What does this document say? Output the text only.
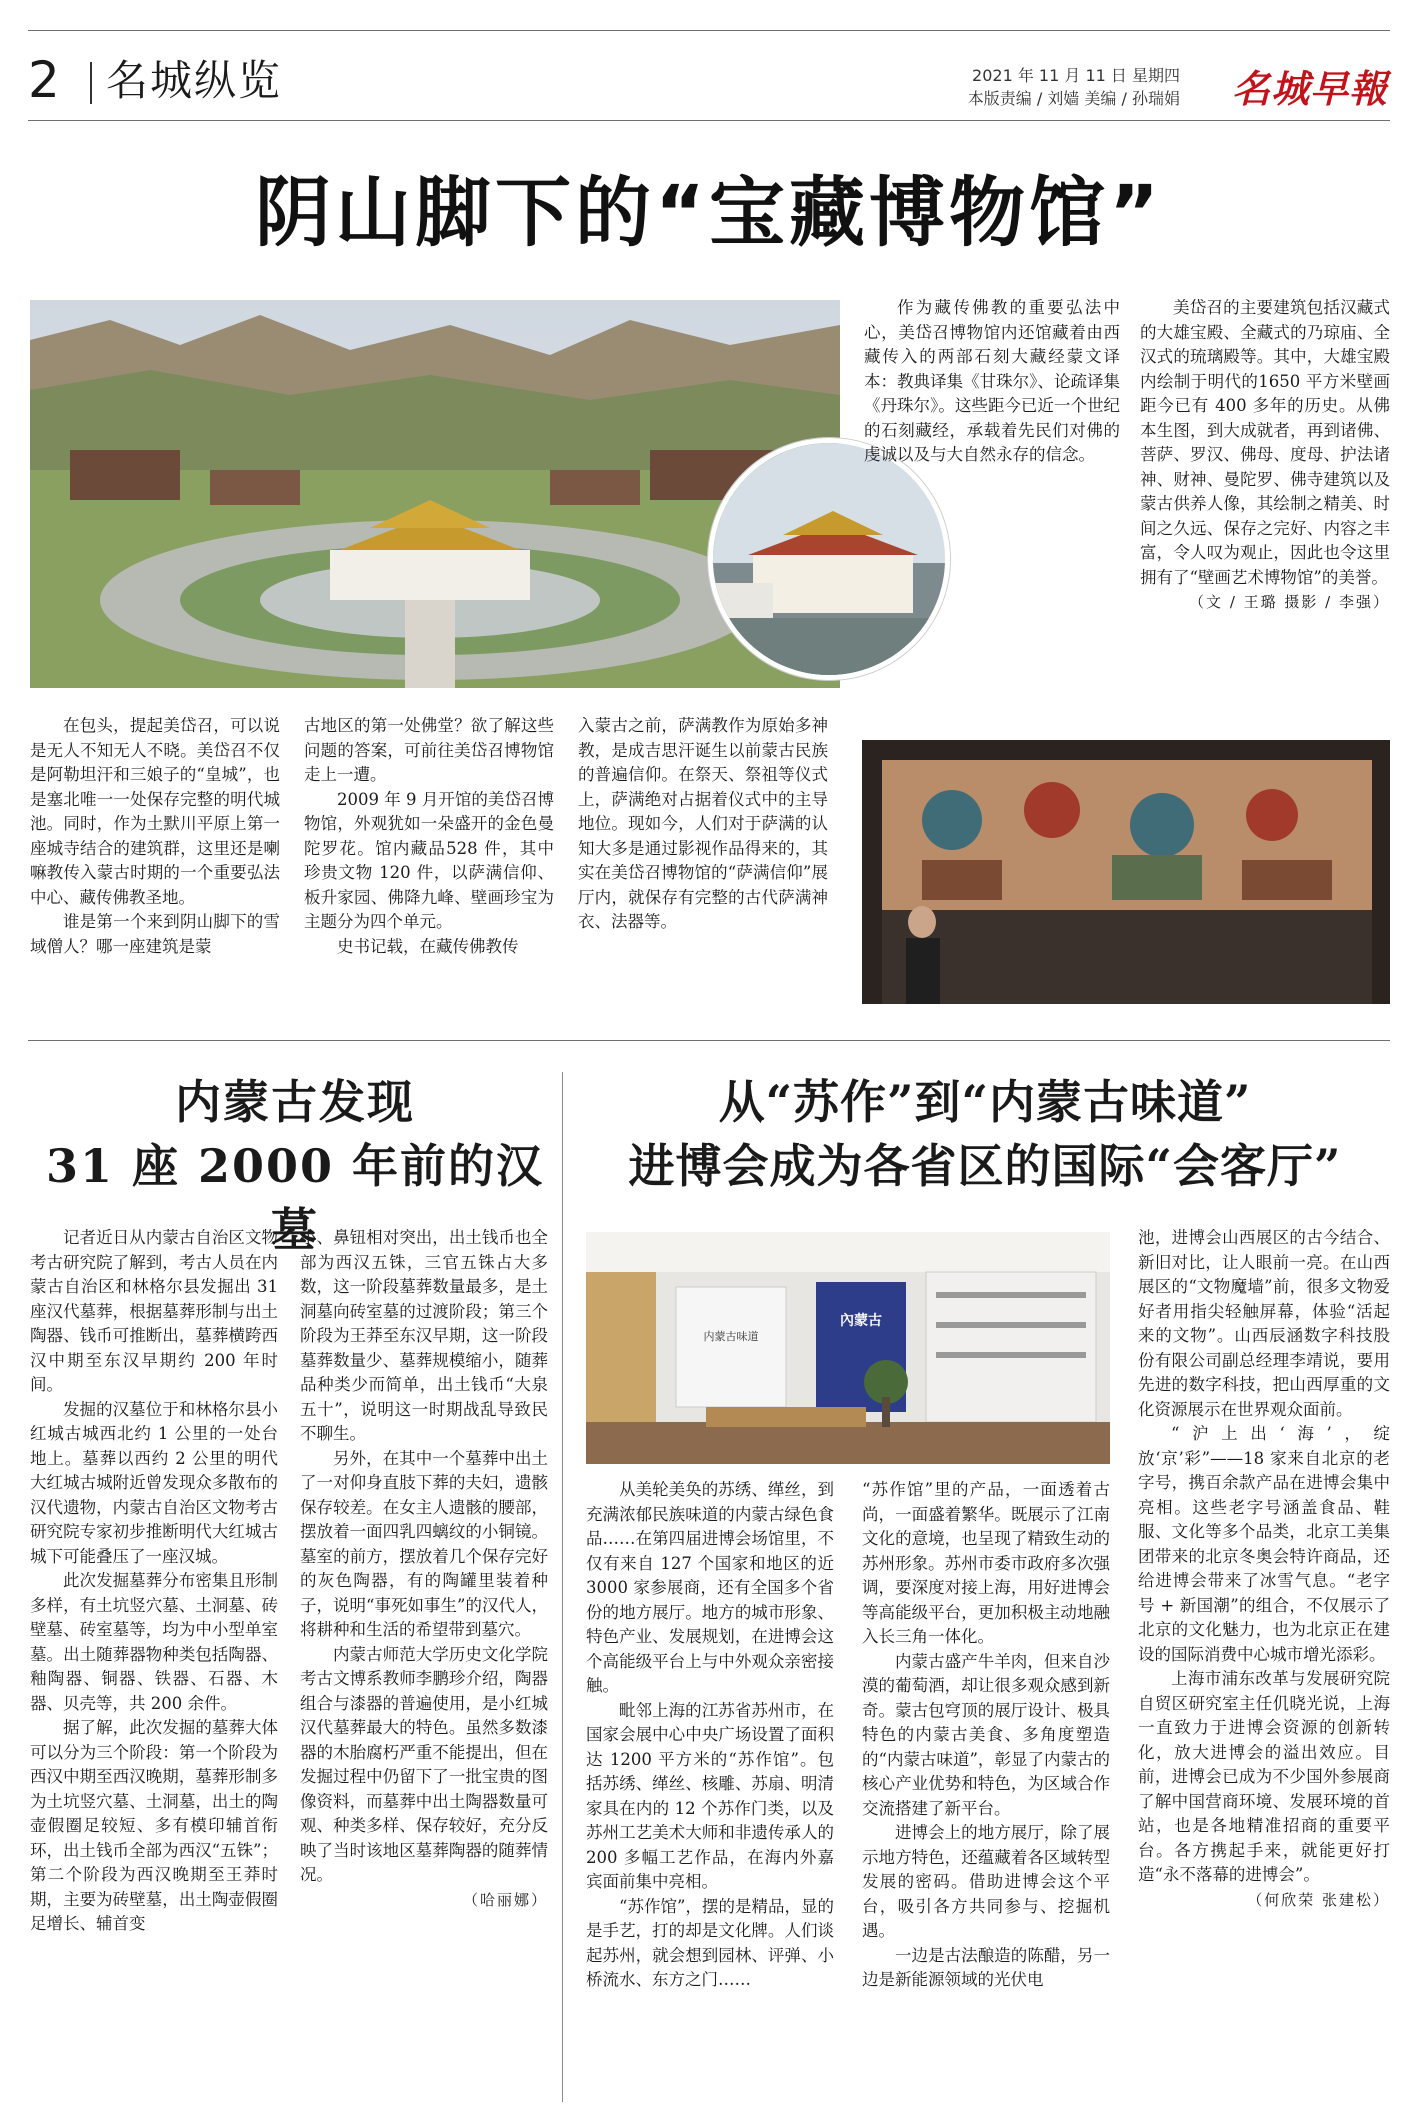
2 名城纵览	2021 年 11 月 11 日 星期四
本版责编 / 刘嫱 美编 / 孙瑞娟 名城早報
阴山脚下的“宝藏博物馆”

作为藏传佛教的重要弘法中心，美岱召博物馆内还馆藏着由西藏传入的两部石刻大藏经蒙文译本：教典译集《甘珠尔》、论疏译集《丹珠尔》。这些距今已近一个世纪的石刻藏经，承载着先民们对佛的虔诚以及与大自然永存的信念。

美岱召的主要建筑包括汉藏式的大雄宝殿、全藏式的乃琼庙、全汉式的琉璃殿等。其中，大雄宝殿内绘制于明代的1650 平方米壁画距今已有 400 多年的历史。从佛本生图，到大成就者，再到诸佛、菩萨、罗汉、佛母、度母、护法诸神、财神、曼陀罗、佛寺建筑以及蒙古供养人像，其绘制之精美、时间之久远、保存之完好、内容之丰富，令人叹为观止，因此也令这里拥有了“壁画艺术博物馆”的美誉。

（文 / 王璐 摄影 / 李强）

在包头，提起美岱召，可以说是无人不知无人不晓。美岱召不仅是阿勒坦汗和三娘子的“皇城”，也是塞北唯一一处保存完整的明代城池。同时，作为土默川平原上第一座城寺结合的建筑群，这里还是喇嘛教传入蒙古时期的一个重要弘法中心、藏传佛教圣地。

谁是第一个来到阴山脚下的雪域僧人？哪一座建筑是蒙

古地区的第一处佛堂？欲了解这些问题的答案，可前往美岱召博物馆走上一遭。

2009 年 9 月开馆的美岱召博物馆，外观犹如一朵盛开的金色曼陀罗花。馆内藏品528 件，其中珍贵文物 120 件，以萨满信仰、板升家园、佛降九峰、壁画珍宝为主题分为四个单元。

史书记载，在藏传佛教传

入蒙古之前，萨满教作为原始多神教，是成吉思汗诞生以前蒙古民族的普遍信仰。在祭天、祭祖等仪式上，萨满绝对占据着仪式中的主导地位。现如今，人们对于萨满的认知大多是通过影视作品得来的，其实在美岱召博物馆的“萨满信仰”展厅内，就保存有完整的古代萨满神衣、法器等。

内蒙古发现
31 座 2000 年前的汉墓
从“苏作”到“内蒙古味道”
进博会成为各省区的国际“会客厅”

记者近日从内蒙古自治区文物考古研究院了解到，考古人员在内蒙古自治区和林格尔县发掘出 31 座汉代墓葬，根据墓葬形制与出土陶器、钱币可推断出，墓葬横跨西汉中期至东汉早期约 200 年时间。

发掘的汉墓位于和林格尔县小红城古城西北约 1 公里的一处台地上。墓葬以西约 2 公里的明代大红城古城附近曾发现众多散布的汉代遗物，内蒙古自治区文物考古研究院专家初步推断明代大红城古城下可能叠压了一座汉城。

此次发掘墓葬分布密集且形制多样，有土坑竖穴墓、土洞墓、砖壁墓、砖室墓等，均为中小型单室墓。出土随葬器物种类包括陶器、釉陶器、铜器、铁器、石器、木器、贝壳等，共 200 余件。

据了解，此次发掘的墓葬大体可以分为三个阶段：第一个阶段为西汉中期至西汉晚期，墓葬形制多为土坑竖穴墓、土洞墓，出土的陶壶假圈足较短、多有模印辅首衔环，出土钱币全部为西汉“五铢”；第二个阶段为西汉晚期至王莽时期，主要为砖壁墓，出土陶壶假圈足增长、辅首变

小、鼻钮相对突出，出土钱币也全部为西汉五铢，三官五铢占大多数，这一阶段墓葬数量最多，是土洞墓向砖室墓的过渡阶段；第三个阶段为王莽至东汉早期，这一阶段墓葬数量少、墓葬规模缩小，随葬品种类少而简单，出土钱币“大泉五十”，说明这一时期战乱导致民不聊生。

另外，在其中一个墓葬中出土了一对仰身直肢下葬的夫妇，遗骸保存较差。在女主人遗骸的腰部，摆放着一面四乳四螭纹的小铜镜。墓室的前方，摆放着几个保存完好的灰色陶器，有的陶罐里装着种子，说明“事死如事生”的汉代人，将耕种和生活的希望带到墓穴。

内蒙古师范大学历史文化学院考古文博系教师李鹏珍介绍，陶器组合与漆器的普遍使用，是小红城汉代墓葬最大的特色。虽然多数漆器的木胎腐朽严重不能提出，但在发掘过程中仍留下了一批宝贵的图像资料，而墓葬中出土陶器数量可观、种类多样、保存较好，充分反映了当时该地区墓葬陶器的随葬情况。

（哈丽娜）
內蒙古
内蒙古味道

从美轮美奂的苏绣、缂丝，到充满浓郁民族味道的内蒙古绿色食品……在第四届进博会场馆里，不仅有来自 127 个国家和地区的近 3000 家参展商，还有全国多个省份的地方展厅。地方的城市形象、特色产业、发展规划，在进博会这个高能级平台上与中外观众亲密接触。

毗邻上海的江苏省苏州市，在国家会展中心中央广场设置了面积达 1200 平方米的“苏作馆”。包括苏绣、缂丝、核雕、苏扇、明清家具在内的 12 个苏作门类，以及苏州工艺美术大师和非遗传承人的 200 多幅工艺作品，在海内外嘉宾面前集中亮相。

“苏作馆”，摆的是精品，显的是手艺，打的却是文化牌。人们谈起苏州，就会想到园林、评弹、小桥流水、东方之门……

“苏作馆”里的产品，一面透着古尚，一面盛着繁华。既展示了江南文化的意境，也呈现了精致生动的苏州形象。苏州市委市政府多次强调，要深度对接上海，用好进博会等高能级平台，更加积极主动地融入长三角一体化。

内蒙古盛产牛羊肉，但来自沙漠的葡萄酒，却让很多观众感到新奇。蒙古包穹顶的展厅设计、极具特色的内蒙古美食、多角度塑造的“内蒙古味道”，彰显了内蒙古的核心产业优势和特色，为区域合作交流搭建了新平台。

进博会上的地方展厅，除了展示地方特色，还蕴藏着各区域转型发展的密码。借助进博会这个平台，吸引各方共同参与、挖掘机遇。

一边是古法酿造的陈醋，另一边是新能源领域的光伏电

池，进博会山西展区的古今结合、新旧对比，让人眼前一亮。在山西展区的“文物魔墙”前，很多文物爱好者用指尖轻触屏幕，体验“活起来的文物”。山西辰涵数字科技股份有限公司副总经理李靖说，要用先进的数字科技，把山西厚重的文化资源展示在世界观众面前。

“沪上出‘海’，绽放‘京’彩”——18 家来自北京的老字号，携百余款产品在进博会集中亮相。这些老字号涵盖食品、鞋服、文化等多个品类，北京工美集团带来的北京冬奥会特许商品，还给进博会带来了冰雪气息。“老字号 + 新国潮”的组合，不仅展示了北京的文化魅力，也为北京正在建设的国际消费中心城市增光添彩。

上海市浦东改革与发展研究院自贸区研究室主任仉晓光说，上海一直致力于进博会资源的创新转化，放大进博会的溢出效应。目前，进博会已成为不少国外参展商了解中国营商环境、发展环境的首站，也是各地精准招商的重要平台。各方携起手来，就能更好打造“永不落幕的进博会”。

（何欣荣 张建松）
